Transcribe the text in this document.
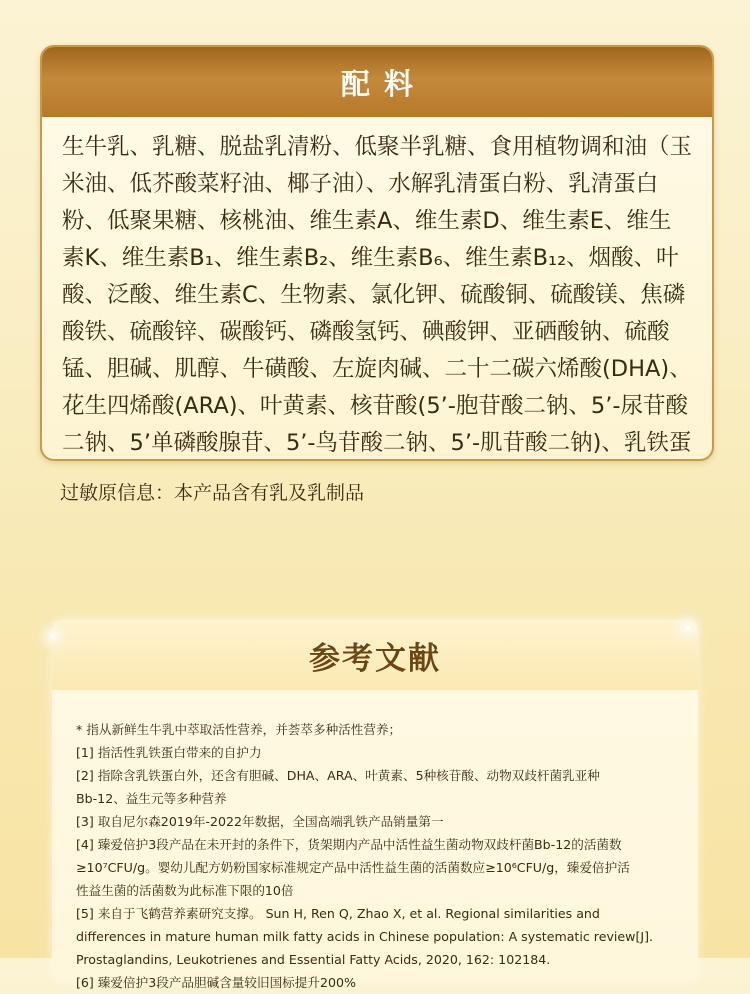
配料
生牛乳、乳糖、脱盐乳清粉、低聚半乳糖、食用植物调和油（玉米油、低芥酸菜籽油、椰子油）、水解乳清蛋白粉、乳清蛋白粉、低聚果糖、核桃油、维生素A、维生素D、维生素E、维生素K、维生素B₁、维生素B₂、维生素B₆、维生素B₁₂、烟酸、叶酸、泛酸、维生素C、生物素、氯化钾、硫酸铜、硫酸镁、焦磷酸铁、硫酸锌、碳酸钙、磷酸氢钙、碘酸钾、亚硒酸钠、硫酸锰、胆碱、肌醇、牛磺酸、左旋肉碱、二十二碳六烯酸(DHA)、花生四烯酸(ARA)、叶黄素、核苷酸(5’-胞苷酸二钠、5’-尿苷酸二钠、5’单磷酸腺苷、5’-鸟苷酸二钠、5’-肌苷酸二钠)、乳铁蛋
过敏原信息：本产品含有乳及乳制品
参考文献
* 指从新鲜生牛乳中萃取活性营养，并荟萃多种活性营养；
[1] 指活性乳铁蛋白带来的自护力
[2] 指除含乳铁蛋白外，还含有胆碱、DHA、ARA、叶黄素、5种核苷酸、动物双歧杆菌乳亚种
Bb-12、益生元等多种营养
[3] 取自尼尔森2019年-2022年数据，全国高端乳铁产品销量第一
[4] 臻爱倍护3段产品在未开封的条件下，货架期内产品中活性益生菌动物双歧杆菌Bb-12的活菌数
≥10⁷CFU/g。婴幼儿配方奶粉国家标准规定产品中活性益生菌的活菌数应≥10⁶CFU/g，臻爱倍护活
性益生菌的活菌数为此标准下限的10倍
[5] 来自于飞鹤营养素研究支撑。 Sun H, Ren Q, Zhao X, et al. Regional similarities and
differences in mature human milk fatty acids in Chinese population: A systematic review[J].
Prostaglandins, Leukotrienes and Essential Fatty Acids, 2020, 162: 102184.
[6] 臻爱倍护3段产品胆碱含量较旧国标提升200%
